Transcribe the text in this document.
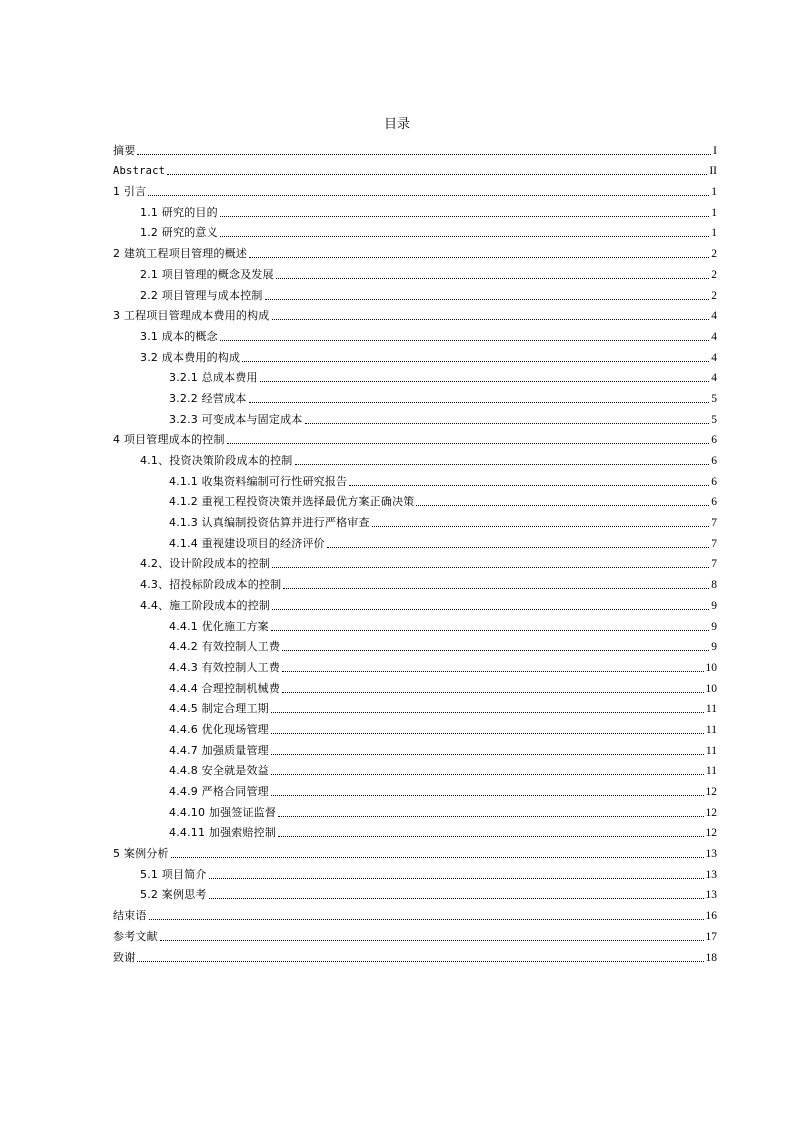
目录
摘要	I
Abstract	II
1 引言	1
1.1 研究的目的	1
1.2 研究的意义	1
2 建筑工程项目管理的概述	2
2.1 项目管理的概念及发展	2
2.2 项目管理与成本控制	2
3 工程项目管理成本费用的构成	4
3.1 成本的概念	4
3.2 成本费用的构成	4
3.2.1 总成本费用	4
3.2.2 经营成本	5
3.2.3 可变成本与固定成本	5
4 项目管理成本的控制	6
4.1、投资决策阶段成本的控制	6
4.1.1 收集资料编制可行性研究报告	6
4.1.2 重视工程投资决策并选择最优方案正确决策	6
4.1.3 认真编制投资估算并进行严格审查	7
4.1.4 重视建设项目的经济评价	7
4.2、设计阶段成本的控制	7
4.3、招投标阶段成本的控制	8
4.4、施工阶段成本的控制	9
4.4.1 优化施工方案	9
4.4.2 有效控制人工费	9
4.4.3 有效控制人工费	10
4.4.4 合理控制机械费	10
4.4.5 制定合理工期	11
4.4.6 优化现场管理	11
4.4.7 加强质量管理	11
4.4.8 安全就是效益	11
4.4.9 严格合同管理	12
4.4.10 加强签证监督	12
4.4.11 加强索赔控制	12
5 案例分析	13
5.1 项目简介	13
5.2 案例思考	13
结束语	16
参考文献	17
致谢	18
